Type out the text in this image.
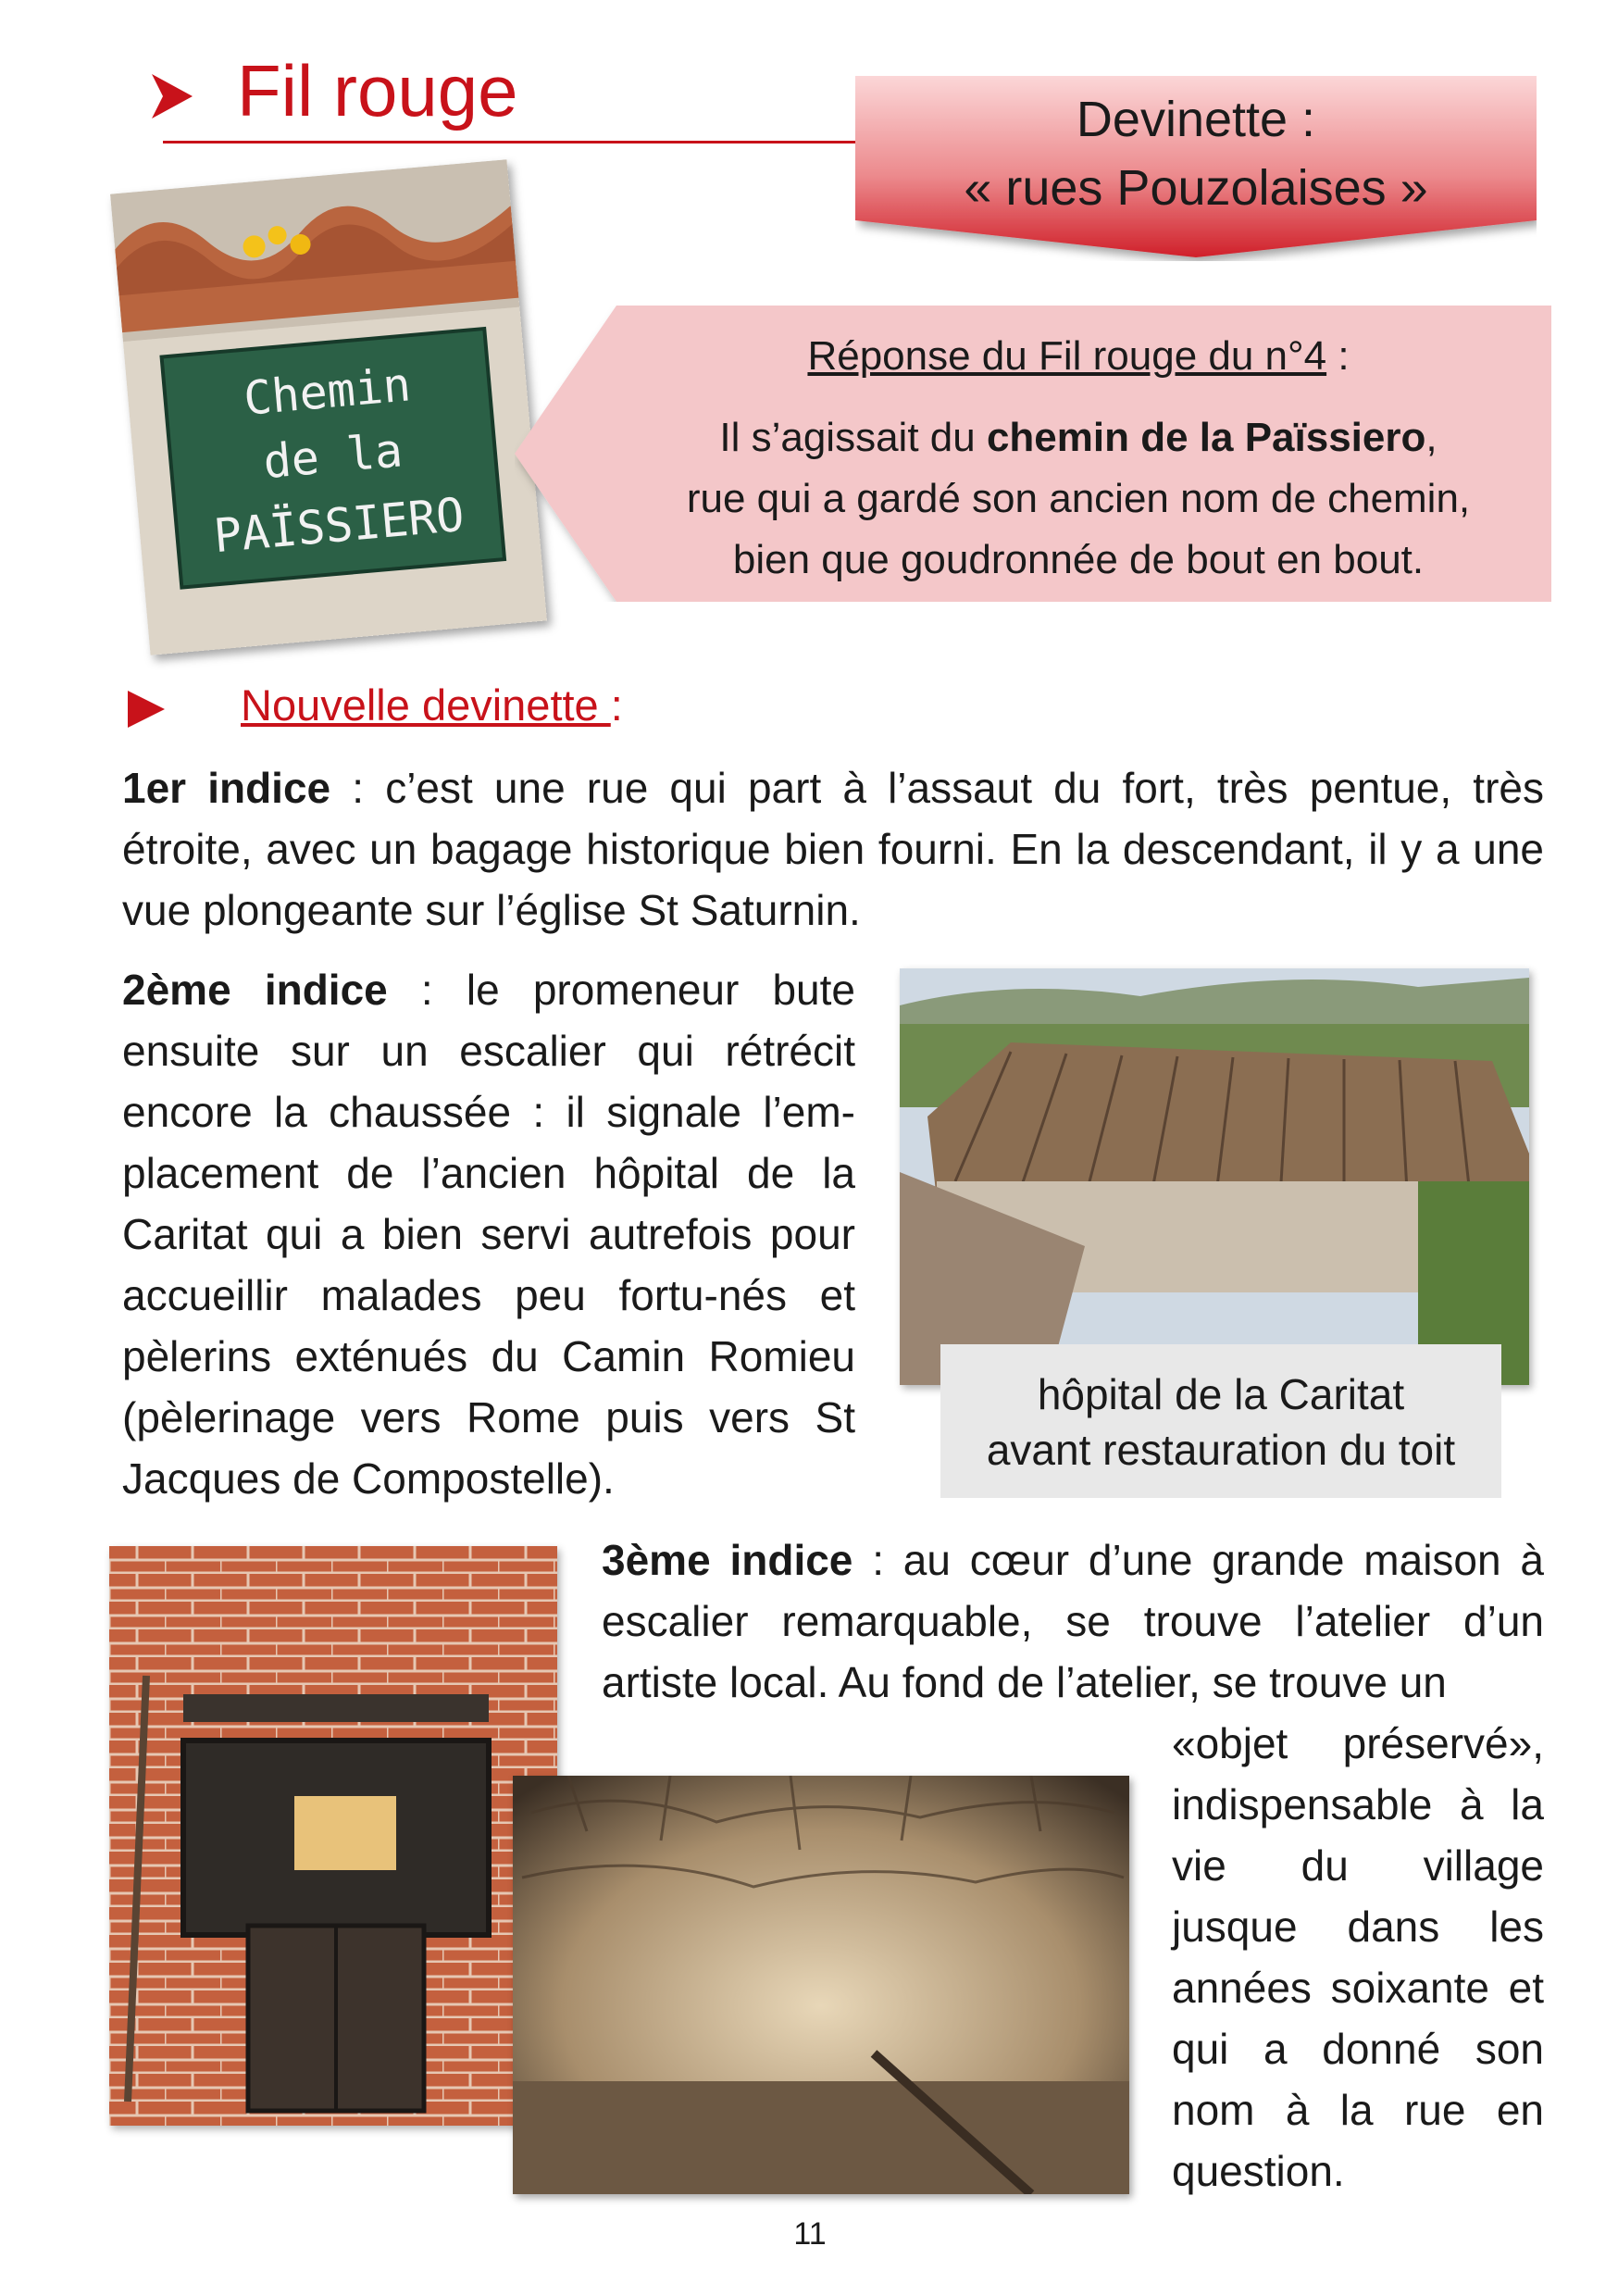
Fil rouge	Devinette :
« rues Pouzolaises »
Chemin
de la
PAÏSSIERO
Réponse du Fil rouge du n°4 :
Il s’agissait du chemin de la Païssiero,
rue qui a gardé son ancien nom de chemin,
bien que goudronnée de bout en bout.
Nouvelle devinette :
1er indice : c’est une rue qui part à l’assaut du fort, très pentue, très étroite, avec un bagage historique bien fourni. En la descendant, il y a une vue plongeante sur l’église St Saturnin.
2ème indice : le promeneur bute ensuite sur un escalier qui rétrécit encore la chaussée : il signale l’em-placement de l’ancien hôpital de la Caritat qui a bien servi autrefois pour accueillir malades peu fortu-nés et pèlerins exténués du Camin Romieu (pèlerinage vers Rome puis vers St Jacques de Compostelle).
hôpital de la Caritat
avant restauration du toit
3ème indice : au cœur d’une grande maison à escalier remarquable, se trouve l’atelier d’un artiste local. Au fond de l’atelier, se trouve un
«objet préservé», indispensable à la vie du village jusque dans les années soixante et qui a donné son nom à la rue en question.
11
